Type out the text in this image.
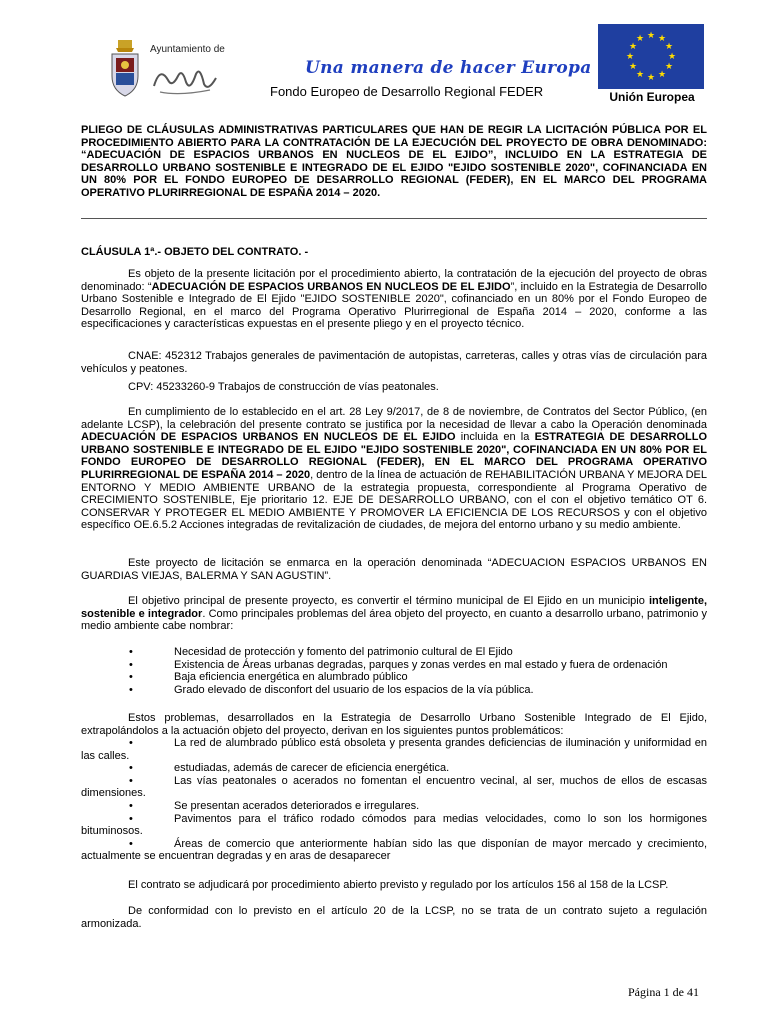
Ayuntamiento de
Una manera de hacer Europa
Fondo Europeo de Desarrollo Regional FEDER
★ ★
★
★
★
★
★
★
★
★
★
★
Unión Europea
PLIEGO DE CLÁUSULAS ADMINISTRATIVAS PARTICULARES QUE HAN DE REGIR LA LICITACIÓN PÚBLICA POR EL PROCEDIMIENTO ABIERTO PARA LA CONTRATACIÓN DE LA EJECUCIÓN DEL PROYECTO DE OBRA DENOMINADO: “ADECUACIÓN DE ESPACIOS URBANOS EN NUCLEOS DE EL EJIDO”, INCLUIDO EN LA ESTRATEGIA DE DESARROLLO URBANO SOSTENIBLE E INTEGRADO DE EL EJIDO "EJIDO SOSTENIBLE 2020", COFINANCIADA EN UN 80% POR EL FONDO EUROPEO DE DESARROLLO REGIONAL (FEDER), EN EL MARCO DEL PROGRAMA OPERATIVO PLURIRREGIONAL DE ESPAÑA 2014 – 2020.
CLÁUSULA 1ª.- OBJETO DEL CONTRATO. -
Es objeto de la presente licitación por el procedimiento abierto, la contratación de la ejecución del proyecto de obras denominado: “ADECUACIÓN DE ESPACIOS URBANOS EN NUCLEOS DE EL EJIDO”, incluido en la Estrategia de Desarrollo Urbano Sostenible e Integrado de El Ejido "EJIDO SOSTENIBLE 2020", cofinanciado en un 80% por el Fondo Europeo de Desarrollo Regional, en el marco del Programa Operativo Plurirregional de España 2014 – 2020, conforme a las especificaciones y características expuestas en el presente pliego y en el proyecto técnico.
CNAE: 452312 Trabajos generales de pavimentación de autopistas, carreteras, calles y otras vías de circulación para vehículos y peatones.
CPV: 45233260-9 Trabajos de construcción de vías peatonales.
En cumplimiento de lo establecido en el art. 28 Ley 9/2017, de 8 de noviembre, de Contratos del Sector Público, (en adelante LCSP), la celebración del presente contrato se justifica por la necesidad de llevar a cabo la Operación denominada ADECUACIÓN DE ESPACIOS URBANOS EN NUCLEOS DE EL EJIDO incluida en la ESTRATEGIA DE DESARROLLO URBANO SOSTENIBLE E INTEGRADO DE EL EJIDO "EJIDO SOSTENIBLE 2020", COFINANCIADA EN UN 80% POR EL FONDO EUROPEO DE DESARROLLO REGIONAL (FEDER), EN EL MARCO DEL PROGRAMA OPERATIVO PLURIRREGIONAL DE ESPAÑA 2014 – 2020, dentro de la línea de actuación de REHABILITACIÓN URBANA Y MEJORA DEL ENTORNO Y MEDIO AMBIENTE URBANO de la estrategia propuesta, correspondiente al Programa Operativo de CRECIMIENTO SOSTENIBLE, Eje prioritario 12. EJE DE DESARROLLO URBANO, con el con el objetivo temático OT 6. CONSERVAR Y PROTEGER EL MEDIO AMBIENTE Y PROMOVER LA EFICIENCIA DE LOS RECURSOS y con el objetivo específico OE.6.5.2 Acciones integradas de revitalización de ciudades, de mejora del entorno urbano y su medio ambiente.
Este proyecto de licitación se enmarca en la operación denominada “ADECUACION ESPACIOS URBANOS EN GUARDIAS VIEJAS, BALERMA Y SAN AGUSTIN”.
El objetivo principal de presente proyecto, es convertir el término municipal de El Ejido en un municipio inteligente, sostenible e integrador. Como principales problemas del área objeto del proyecto, en cuanto a desarrollo urbano, patrimonio y medio ambiente cabe nombrar:
•	Necesidad de protección y fomento del patrimonio cultural de El Ejido
•	Existencia de Áreas urbanas degradas, parques y zonas verdes en mal estado y fuera de ordenación
•	Baja eficiencia energética en alumbrado público
•	Grado elevado de disconfort del usuario de los espacios de la vía pública.
Estos problemas, desarrollados en la Estrategia de Desarrollo Urbano Sostenible Integrado de El Ejido, extrapolándolos a la actuación objeto del proyecto, derivan en los siguientes puntos problemáticos:
•	La red de alumbrado público está obsoleta y presenta grandes deficiencias de iluminación y uniformidad en las calles.
•	estudiadas, además de carecer de eficiencia energética.
•	Las vías peatonales o acerados no fomentan el encuentro vecinal, al ser, muchos de ellos de escasas dimensiones.
•	Se presentan acerados deteriorados e irregulares.
•	Pavimentos para el tráfico rodado cómodos para medias velocidades, como lo son los hormigones bituminosos.
•	Áreas de comercio que anteriormente habían sido las que disponían de mayor mercado y crecimiento, actualmente se encuentran degradas y en aras de desaparecer
El contrato se adjudicará por procedimiento abierto previsto y regulado por los artículos 156 al 158 de la LCSP.
De conformidad con lo previsto en el artículo 20 de la LCSP, no se trata de un contrato sujeto a regulación armonizada.
Página 1 de 41
